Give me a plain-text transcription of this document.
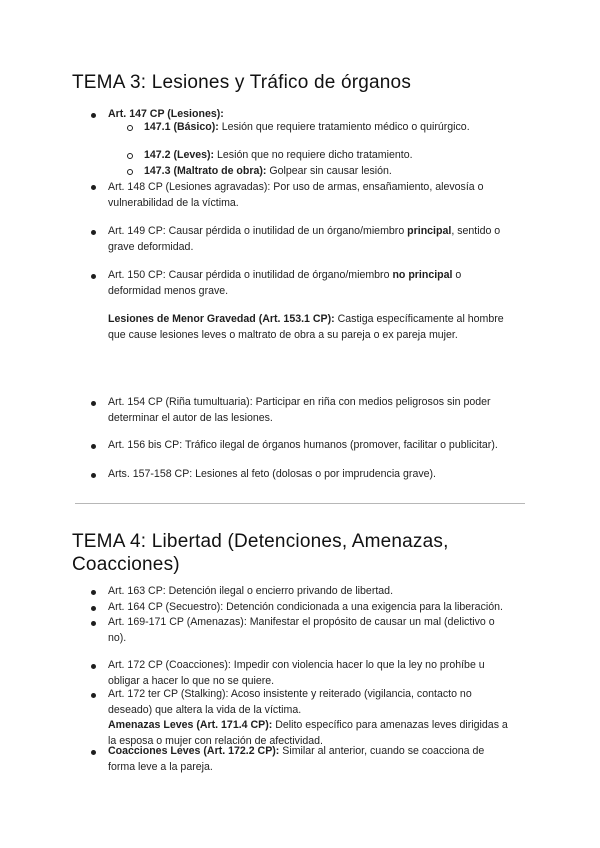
TEMA 3: Lesiones y Tráfico de órganos
Art. 147 CP (Lesiones):
147.1 (Básico): Lesión que requiere tratamiento médico o quirúrgico.
147.2 (Leves): Lesión que no requiere dicho tratamiento.
147.3 (Maltrato de obra): Golpear sin causar lesión.
Art. 148 CP (Lesiones agravadas): Por uso de armas, ensañamiento, alevosía o
vulnerabilidad de la víctima.
Art. 149 CP: Causar pérdida o inutilidad de un órgano/miembro principal, sentido o
grave deformidad.
Art. 150 CP: Causar pérdida o inutilidad de órgano/miembro no principal o
deformidad menos grave.
Lesiones de Menor Gravedad (Art. 153.1 CP): Castiga específicamente al hombre
que cause lesiones leves o maltrato de obra a su pareja o ex pareja mujer.
Art. 154 CP (Riña tumultuaria): Participar en riña con medios peligrosos sin poder
determinar el autor de las lesiones.
Art. 156 bis CP: Tráfico ilegal de órganos humanos (promover, facilitar o publicitar).
Arts. 157-158 CP: Lesiones al feto (dolosas o por imprudencia grave).
TEMA 4: Libertad (Detenciones, Amenazas,
Coacciones)
Art. 163 CP: Detención ilegal o encierro privando de libertad.
Art. 164 CP (Secuestro): Detención condicionada a una exigencia para la liberación.
Art. 169-171 CP (Amenazas): Manifestar el propósito de causar un mal (delictivo o
no).
Art. 172 CP (Coacciones): Impedir con violencia hacer lo que la ley no prohíbe u
obligar a hacer lo que no se quiere.
Art. 172 ter CP (Stalking): Acoso insistente y reiterado (vigilancia, contacto no
deseado) que altera la vida de la víctima.
Amenazas Leves (Art. 171.4 CP): Delito específico para amenazas leves dirigidas a
la esposa o mujer con relación de afectividad.
Coacciones Leves (Art. 172.2 CP): Similar al anterior, cuando se coacciona de
forma leve a la pareja.
